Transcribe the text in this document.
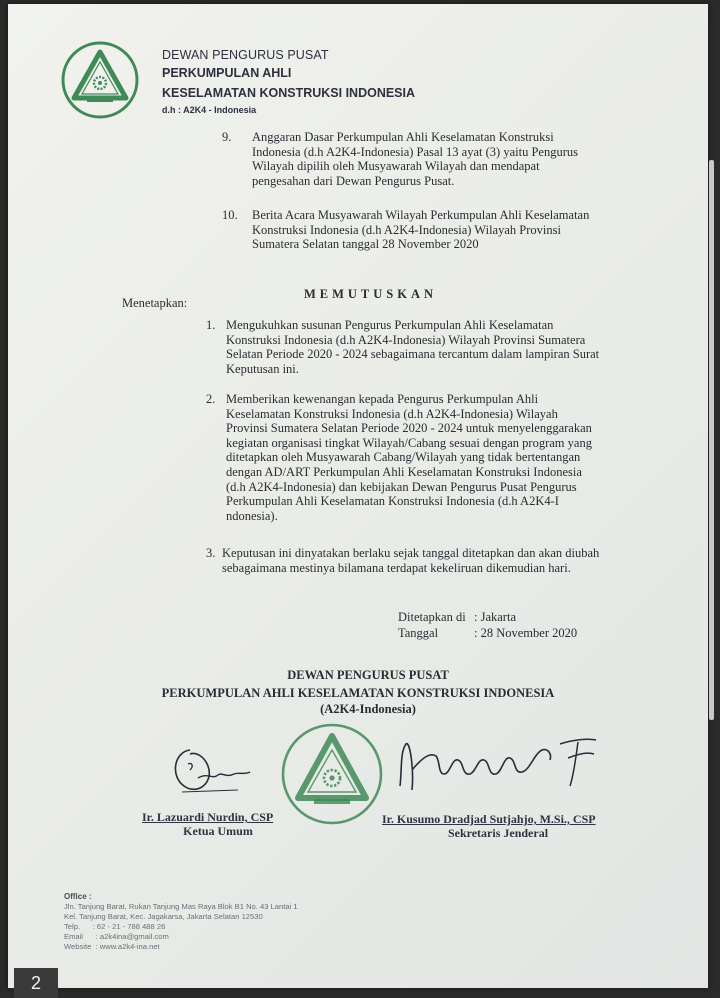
DEWAN PENGURUS PUSAT
PERKUMPULAN AHLI
KESELAMATAN KONSTRUKSI INDONESIA
d.h : A2K4 - Indonesia
9. Anggaran Dasar Perkumpulan Ahli Keselamatan Konstruksi
Indonesia (d.h A2K4-Indonesia) Pasal 13 ayat (3) yaitu Pengurus
Wilayah dipilih oleh Musyawarah Wilayah dan mendapat
pengesahan dari Dewan Pengurus Pusat.
10. Berita Acara Musyawarah Wilayah Perkumpulan Ahli Keselamatan
Konstruksi Indonesia (d.h A2K4-Indonesia) Wilayah Provinsi
Sumatera Selatan tanggal 28 November 2020
MEMUTUSKAN
Menetapkan:
1. Mengukuhkan susunan Pengurus Perkumpulan Ahli Keselamatan
Konstruksi Indonesia (d.h A2K4-Indonesia) Wilayah Provinsi Sumatera
Selatan Periode 2020 - 2024 sebagaimana tercantum dalam lampiran Surat
Keputusan ini.
2. Memberikan kewenangan kepada Pengurus Perkumpulan Ahli
Keselamatan Konstruksi Indonesia (d.h A2K4-Indonesia) Wilayah
Provinsi Sumatera Selatan Periode 2020 - 2024 untuk menyelenggarakan
kegiatan organisasi tingkat Wilayah/Cabang sesuai dengan program yang
ditetapkan oleh Musyawarah Cabang/Wilayah yang tidak bertentangan
dengan AD/ART Perkumpulan Ahli Keselamatan Konstruksi Indonesia
(d.h A2K4-Indonesia) dan kebijakan Dewan Pengurus Pusat Pengurus
Perkumpulan Ahli Keselamatan Konstruksi Indonesia (d.h A2K4-I
ndonesia).
3. Keputusan ini dinyatakan berlaku sejak tanggal ditetapkan dan akan diubah
sebagaimana mestinya bilamana terdapat kekeliruan dikemudian hari.
Ditetapkan di : Jakarta
Tanggal	: 28 November 2020
DEWAN PENGURUS PUSAT
PERKUMPULAN AHLI KESELAMATAN KONSTRUKSI INDONESIA
(A2K4-Indonesia)
Ir. Lazuardi Nurdin, CSP
Ketua Umum
Ir. Kusumo Dradjad Sutjahjo, M.Si., CSP
Sekretaris Jenderal
Office :
Jln. Tanjung Barat, Rukan Tanjung Mas Raya Blok B1 No. 43 Lantai 1
Kel. Tanjung Barat, Kec. Jagakarsa, Jakarta Selatan 12530
Telp.      : 62 - 21 - 788 488 26
Email      : a2k4ina@gmail.com
Website  : www.a2k4-ina.net
2
